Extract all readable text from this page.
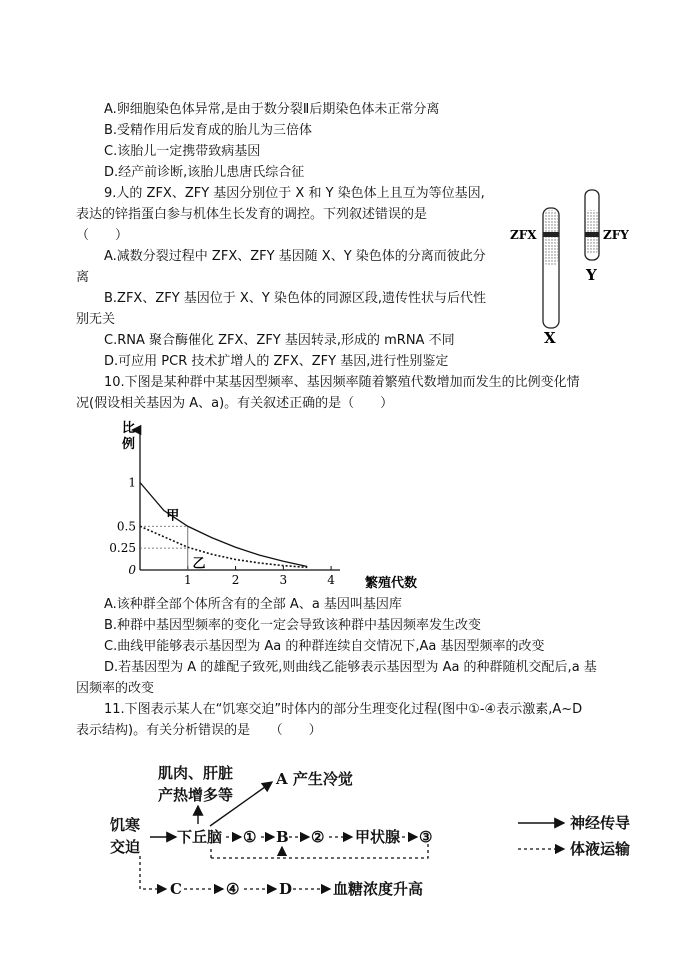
A.卵细胞染色体异常,是由于数分裂Ⅱ后期染色体未正常分离
B.受精作用后发育成的胎儿为三倍体
C.该胎儿一定携带致病基因
D.经产前诊断,该胎儿患唐氏综合征
9.人的 ZFX、ZFY 基因分别位于 X 和 Y 染色体上且互为等位基因,
表达的锌指蛋白参与机体生长发育的调控。下列叙述错误的是
（　　）
A.减数分裂过程中 ZFX、ZFY 基因随 X、Y 染色体的分离而彼此分
离
B.ZFX、ZFY 基因位于 X、Y 染色体的同源区段,遗传性状与后代性
别无关
C.RNA 聚合酶催化 ZFX、ZFY 基因转录,形成的 mRNA 不同
D.可应用 PCR 技术扩增人的 ZFX、ZFY 基因,进行性别鉴定
ZFX	ZFY
Y
X
10.下图是某种群中某基因型频率、基因频率随着繁殖代数增加而发生的比例变化情
况(假设相关基因为 A、a)。有关叙述正确的是（　　）
比
例
1
0.5
0.25
0
1	2	3	4 繁殖代数
甲
乙
A.该种群全部个体所含有的全部 A、a 基因叫基因库
B.种群中基因型频率的变化一定会导致该种群中基因频率发生改变
C.曲线甲能够表示基因型为 Aa 的种群连续自交情况下,Aa 基因型频率的改变
D.若基因型为 A 的雄配子致死,则曲线乙能够表示基因型为 Aa 的种群随机交配后,a 基
因频率的改变
11.下图表示某人在“饥寒交迫”时体内的部分生理变化过程(图中①-④表示激素,A~D
表示结构)。有关分析错误的是　　（　　）
肌肉、肝脏
产热增多等
A 产生冷觉
饥寒
交迫
下丘脑 ① B ② 甲状腺 ③
C	④	D	血糖浓度升高
神经传导
体液运输
